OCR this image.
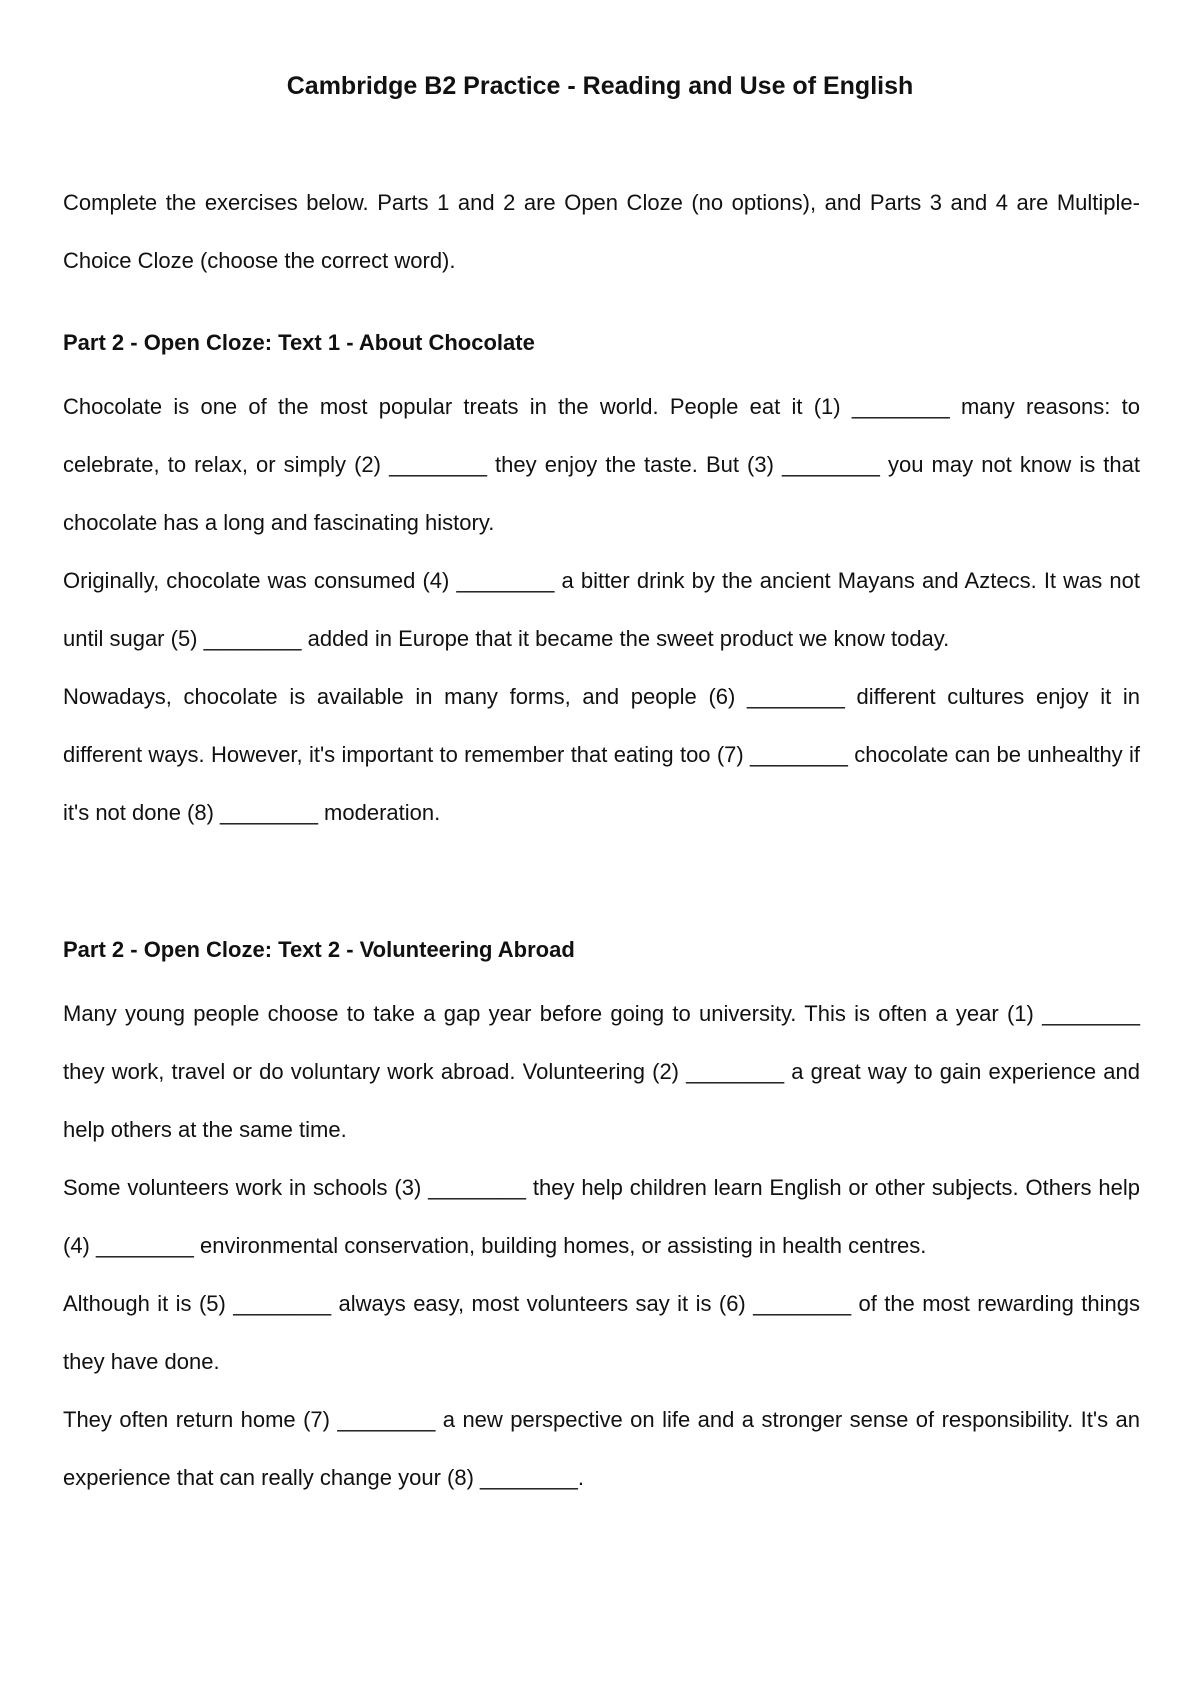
Cambridge B2 Practice - Reading and Use of English

Complete the exercises below. Parts 1 and 2 are Open Cloze (no options), and Parts 3 and 4 are Multiple-Choice Cloze (choose the correct word).

Part 2 - Open Cloze: Text 1 - About Chocolate

Chocolate is one of the most popular treats in the world. People eat it (1) ________ many reasons: to celebrate, to relax, or simply (2) ________ they enjoy the taste. But (3) ________ you may not know is that chocolate has a long and fascinating history.

Originally, chocolate was consumed (4) ________ a bitter drink by the ancient Mayans and Aztecs. It was not until sugar (5) ________ added in Europe that it became the sweet product we know today.

Nowadays, chocolate is available in many forms, and people (6) ________ different cultures enjoy it in different ways. However, it's important to remember that eating too (7) ________ chocolate can be unhealthy if it's not done (8) ________ moderation.

Part 2 - Open Cloze: Text 2 - Volunteering Abroad

Many young people choose to take a gap year before going to university. This is often a year (1) ________ they work, travel or do voluntary work abroad. Volunteering (2) ________ a great way to gain experience and help others at the same time.

Some volunteers work in schools (3) ________ they help children learn English or other subjects. Others help (4) ________ environmental conservation, building homes, or assisting in health centres.

Although it is (5) ________ always easy, most volunteers say it is (6) ________ of the most rewarding things they have done.

They often return home (7) ________ a new perspective on life and a stronger sense of responsibility. It's an experience that can really change your (8) ________.
